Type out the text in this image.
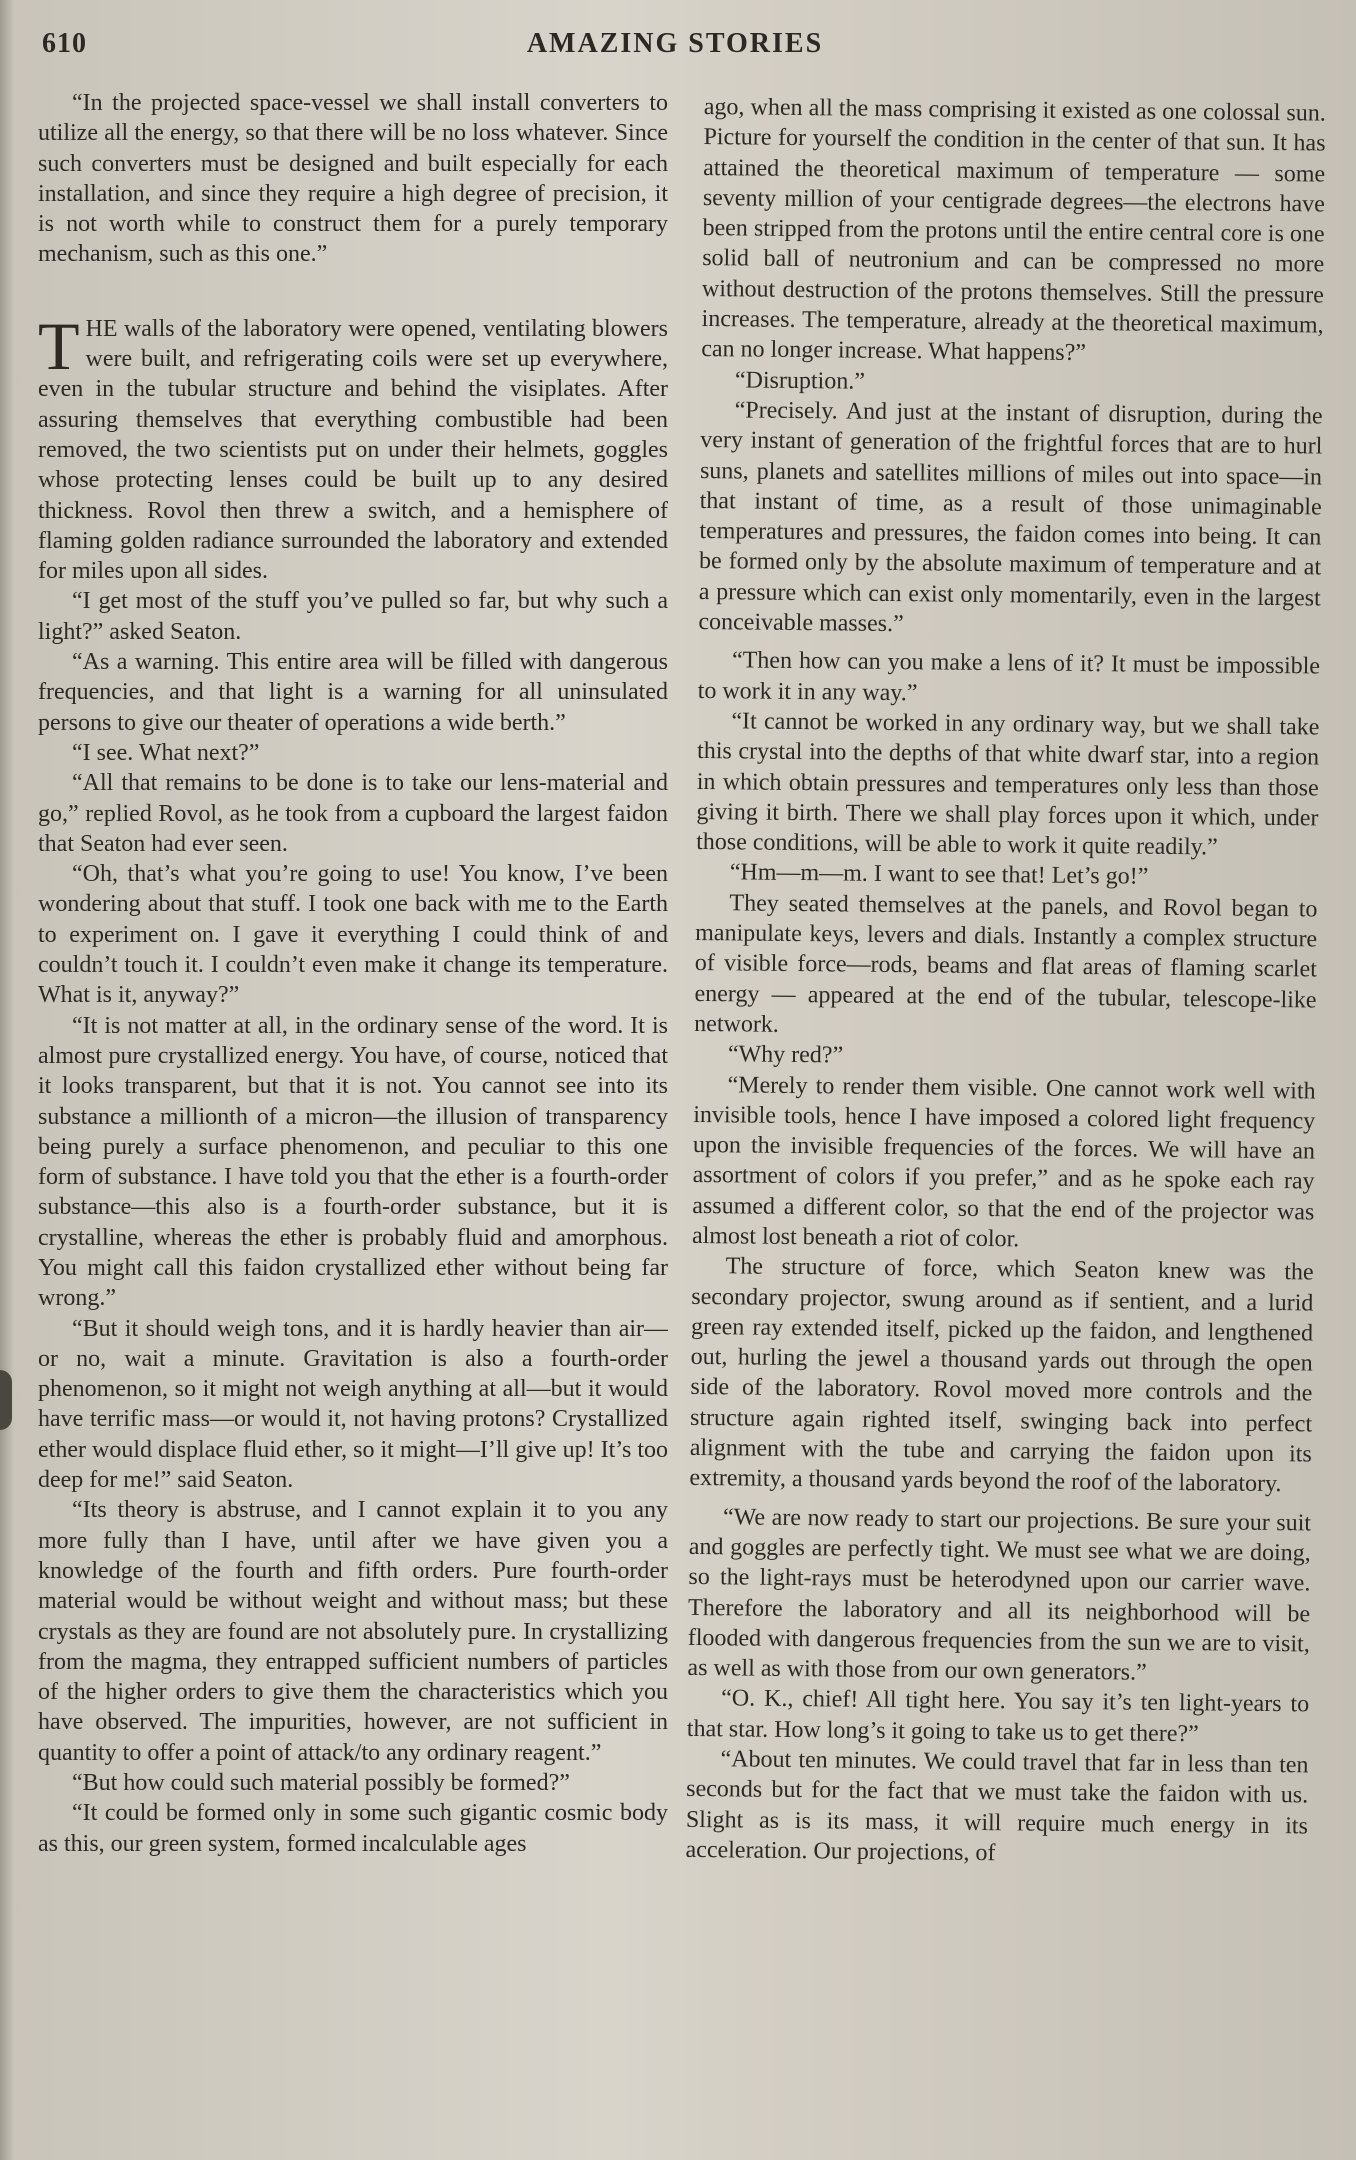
610	AMAZING STORIES

“In the projected space-vessel we shall install converters to utilize all the energy, so that there will be no loss whatever. Since such converters must be designed and built especially for each installation, and since they require a high degree of precision, it is not worth while to construct them for a purely temporary mechanism, such as this one.”

THE walls of the laboratory were opened, ventilating blowers were built, and refrigerating coils were set up everywhere, even in the tubular structure and behind the visiplates. After assuring themselves that everything combustible had been removed, the two scientists put on under their helmets, goggles whose protecting lenses could be built up to any desired thickness. Rovol then threw a switch, and a hemisphere of flaming golden radiance surrounded the laboratory and extended for miles upon all sides.

“I get most of the stuff you’ve pulled so far, but why such a light?” asked Seaton.

“As a warning. This entire area will be filled with dangerous frequencies, and that light is a warning for all uninsulated persons to give our theater of operations a wide berth.”

“I see. What next?”

“All that remains to be done is to take our lens-material and go,” replied Rovol, as he took from a cupboard the largest faidon that Seaton had ever seen.

“Oh, that’s what you’re going to use! You know, I’ve been wondering about that stuff. I took one back with me to the Earth to experiment on. I gave it everything I could think of and couldn’t touch it. I couldn’t even make it change its temperature. What is it, anyway?”

“It is not matter at all, in the ordinary sense of the word. It is almost pure crystallized energy. You have, of course, noticed that it looks transparent, but that it is not. You cannot see into its substance a millionth of a micron—the illusion of transparency being purely a surface phenomenon, and peculiar to this one form of substance. I have told you that the ether is a fourth-order substance—this also is a fourth-order substance, but it is crystalline, whereas the ether is probably fluid and amorphous. You might call this faidon crystallized ether without being far wrong.”

“But it should weigh tons, and it is hardly heavier than air—or no, wait a minute. Gravitation is also a fourth-order phenomenon, so it might not weigh anything at all—but it would have terrific mass—or would it, not having protons? Crystallized ether would displace fluid ether, so it might—I’ll give up! It’s too deep for me!” said Seaton.

“Its theory is abstruse, and I cannot explain it to you any more fully than I have, until after we have given you a knowledge of the fourth and fifth orders. Pure fourth-order material would be without weight and without mass; but these crystals as they are found are not absolutely pure. In crystallizing from the magma, they entrapped sufficient numbers of particles of the higher orders to give them the characteristics which you have observed. The impurities, however, are not sufficient in quantity to offer a point of attack/to any ordinary reagent.”

“But how could such material possibly be formed?”

“It could be formed only in some such gigantic cosmic body as this, our green system, formed incalculable ages

ago, when all the mass comprising it existed as one colossal sun. Picture for yourself the condition in the center of that sun. It has attained the theoretical maximum of temperature — some seventy million of your centigrade degrees—the electrons have been stripped from the protons until the entire central core is one solid ball of neutronium and can be compressed no more without destruction of the protons themselves. Still the pressure increases. The temperature, already at the theoretical maximum, can no longer increase. What happens?”

“Disruption.”

“Precisely. And just at the instant of disruption, during the very instant of generation of the frightful forces that are to hurl suns, planets and satellites millions of miles out into space—in that instant of time, as a result of those unimaginable temperatures and pressures, the faidon comes into being. It can be formed only by the absolute maximum of temperature and at a pressure which can exist only momentarily, even in the largest conceivable masses.”

“Then how can you make a lens of it? It must be impossible to work it in any way.”

“It cannot be worked in any ordinary way, but we shall take this crystal into the depths of that white dwarf star, into a region in which obtain pressures and temperatures only less than those giving it birth. There we shall play forces upon it which, under those conditions, will be able to work it quite readily.”

“Hm—m—m. I want to see that! Let’s go!”

They seated themselves at the panels, and Rovol began to manipulate keys, levers and dials. Instantly a complex structure of visible force—rods, beams and flat areas of flaming scarlet energy — appeared at the end of the tubular, telescope-like network.

“Why red?”

“Merely to render them visible. One cannot work well with invisible tools, hence I have imposed a colored light frequency upon the invisible frequencies of the forces. We will have an assortment of colors if you prefer,” and as he spoke each ray assumed a different color, so that the end of the projector was almost lost beneath a riot of color.

The structure of force, which Seaton knew was the secondary projector, swung around as if sentient, and a lurid green ray extended itself, picked up the faidon, and lengthened out, hurling the jewel a thousand yards out through the open side of the laboratory. Rovol moved more controls and the structure again righted itself, swinging back into perfect alignment with the tube and carrying the faidon upon its extremity, a thousand yards beyond the roof of the laboratory.

“We are now ready to start our projections. Be sure your suit and goggles are perfectly tight. We must see what we are doing, so the light-rays must be heterodyned upon our carrier wave. Therefore the laboratory and all its neighborhood will be flooded with dangerous frequencies from the sun we are to visit, as well as with those from our own generators.”

“O. K., chief! All tight here. You say it’s ten light-years to that star. How long’s it going to take us to get there?”

“About ten minutes. We could travel that far in less than ten seconds but for the fact that we must take the faidon with us. Slight as is its mass, it will require much energy in its acceleration. Our projections, of
